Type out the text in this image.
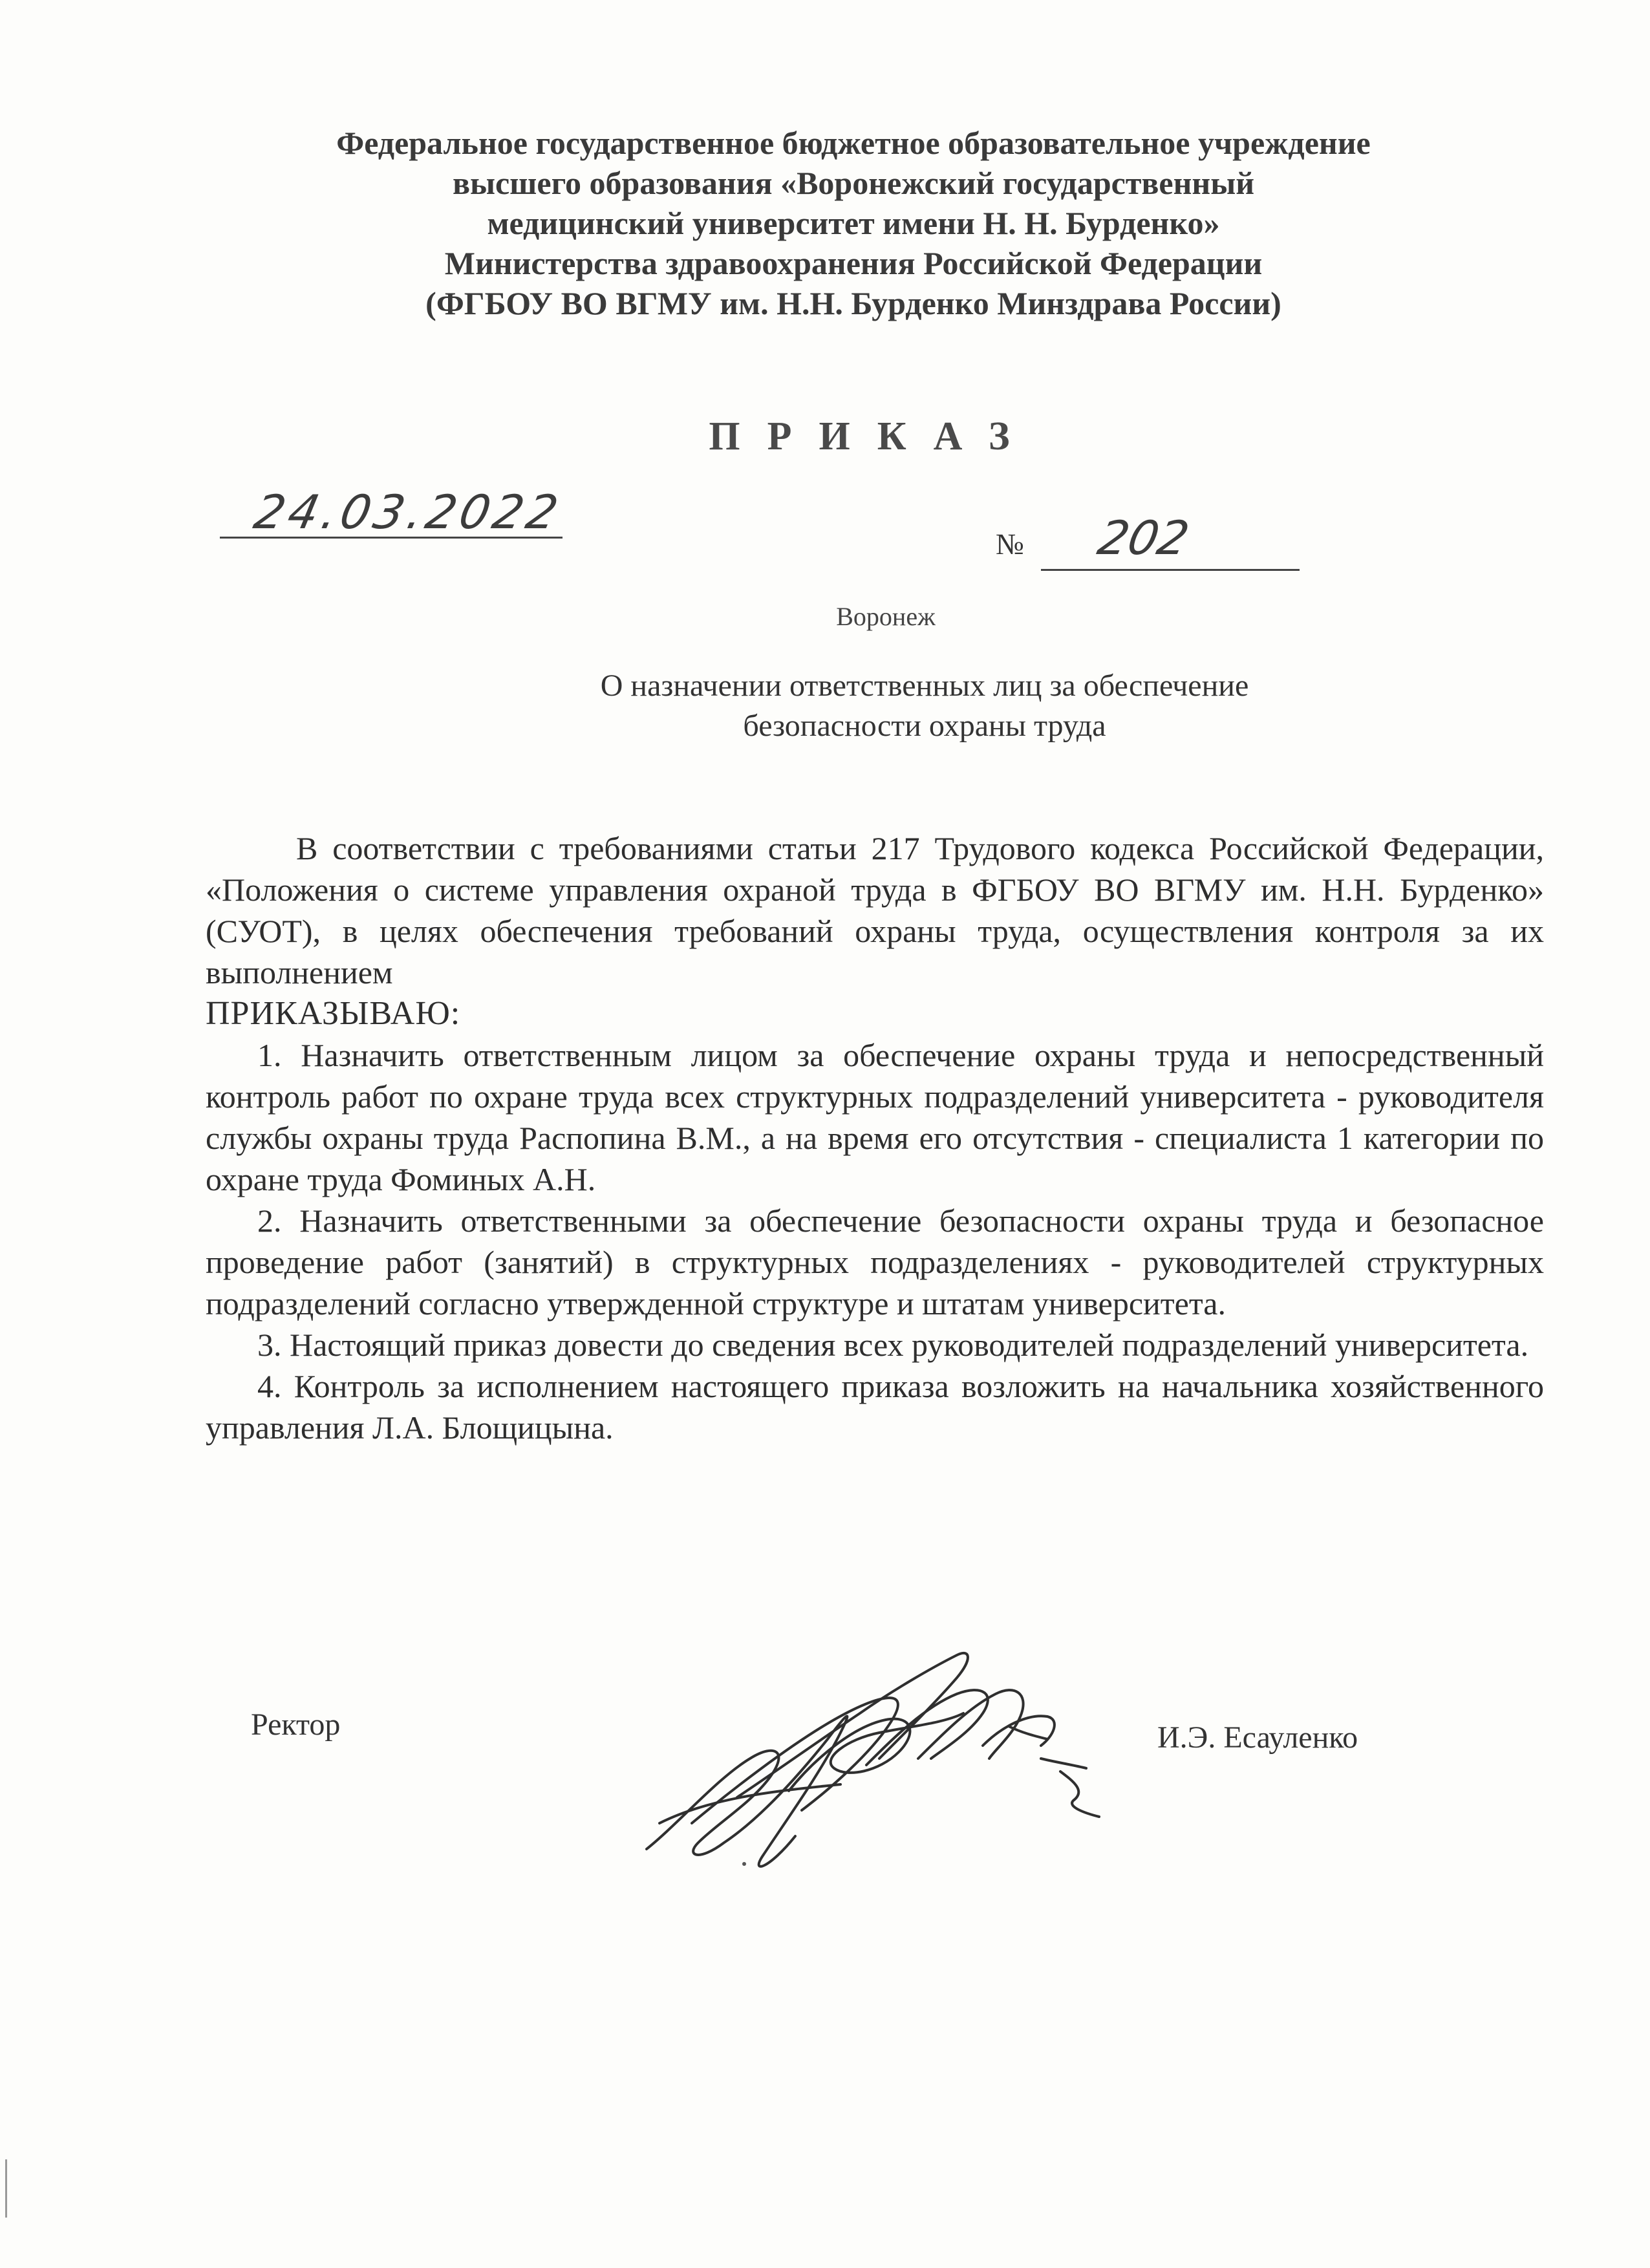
Федеральное государственное бюджетное образовательное учреждение
высшего образования «Воронежский государственный
медицинский университет имени Н. Н. Бурденко»
Министерства здравоохранения Российской Федерации
(ФГБОУ ВО ВГМУ им. Н.Н. Бурденко Минздрава России)
ПРИКАЗ
24.03.2022
№ 202
Воронеж
О назначении ответственных лиц за обеспечение
безопасности охраны труда

В соответствии с требованиями статьи 217 Трудового кодекса Российской Федерации, «Положения о системе управления охраной труда в ФГБОУ ВО ВГМУ им. Н.Н. Бурденко» (СУОТ), в целях обеспечения требований охраны труда, осуществления контроля за их выполнением

ПРИКАЗЫВАЮ:

1. Назначить ответственным лицом за обеспечение охраны труда и непосредственный контроль работ по охране труда всех структурных подразделений университета - руководителя службы охраны труда Распопина В.М., а на время его отсутствия - специалиста 1 категории по охране труда Фоминых А.Н.

2. Назначить ответственными за обеспечение безопасности охраны труда и безопасное проведение работ (занятий) в структурных подразделениях - руководителей структурных подразделений согласно утвержденной структуре и штатам университета.

3. Настоящий приказ довести до сведения всех руководителей подразделений университета.

4. Контроль за исполнением настоящего приказа возложить на начальника хозяйственного управления Л.А. Блощицына.

Ректор	И.Э. Есауленко
